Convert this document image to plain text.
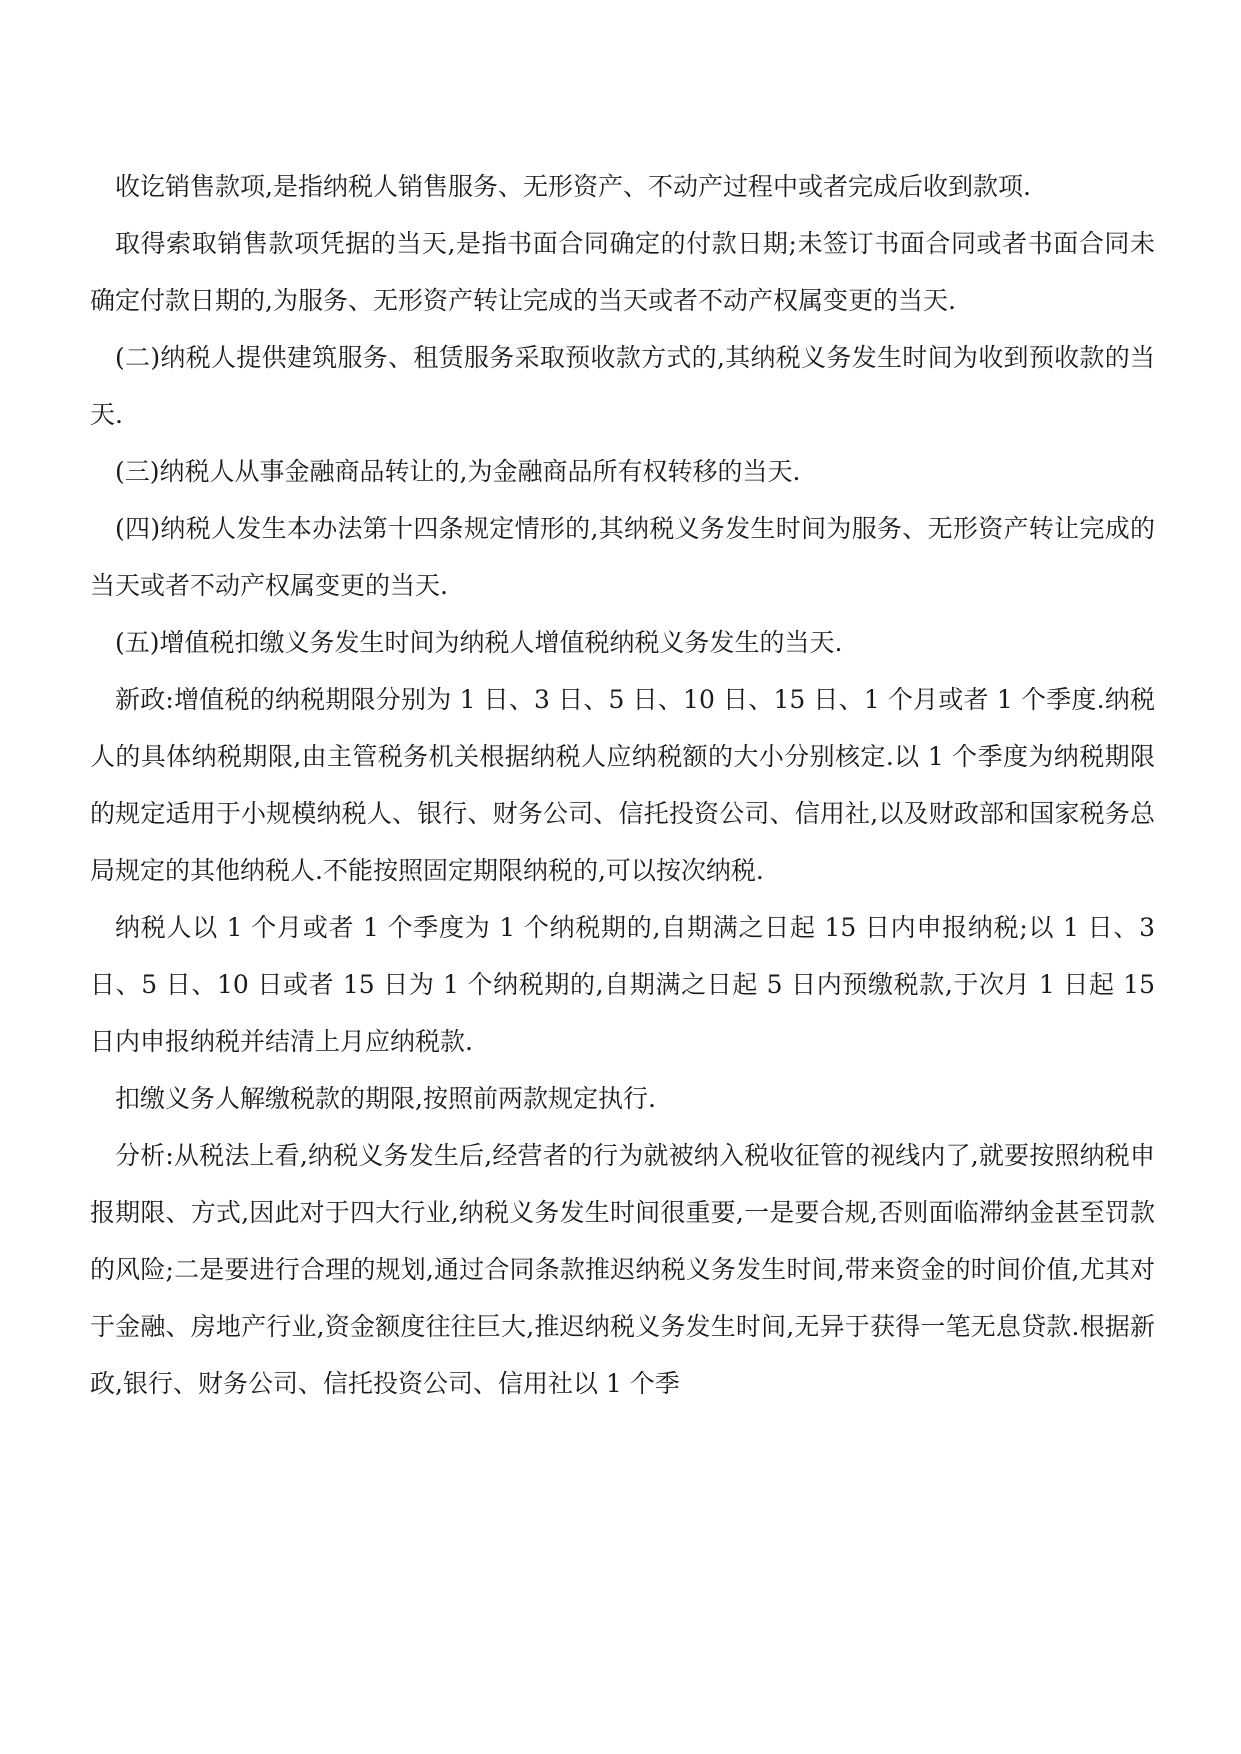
收讫销售款项,是指纳税人销售服务、无形资产、不动产过程中或者完成后收到款项.

取得索取销售款项凭据的当天,是指书面合同确定的付款日期;未签订书面合同或者书面合同未确定付款日期的,为服务、无形资产转让完成的当天或者不动产权属变更的当天.

(二)纳税人提供建筑服务、租赁服务采取预收款方式的,其纳税义务发生时间为收到预收款的当天.

(三)纳税人从事金融商品转让的,为金融商品所有权转移的当天.

(四)纳税人发生本办法第十四条规定情形的,其纳税义务发生时间为服务、无形资产转让完成的当天或者不动产权属变更的当天.

(五)增值税扣缴义务发生时间为纳税人增值税纳税义务发生的当天.

新政:增值税的纳税期限分别为 1 日、3 日、5 日、10 日、15 日、1 个月或者 1 个季度.纳税人的具体纳税期限,由主管税务机关根据纳税人应纳税额的大小分别核定.以 1 个季度为纳税期限的规定适用于小规模纳税人、银行、财务公司、信托投资公司、信用社,以及财政部和国家税务总局规定的其他纳税人.不能按照固定期限纳税的,可以按次纳税.

纳税人以 1 个月或者 1 个季度为 1 个纳税期的,自期满之日起 15 日内申报纳税;以 1 日、3 日、5 日、10 日或者 15 日为 1 个纳税期的,自期满之日起 5 日内预缴税款,于次月 1 日起 15 日内申报纳税并结清上月应纳税款.

扣缴义务人解缴税款的期限,按照前两款规定执行.

分析:从税法上看,纳税义务发生后,经营者的行为就被纳入税收征管的视线内了,就要按照纳税申报期限、方式,因此对于四大行业,纳税义务发生时间很重要,一是要合规,否则面临滞纳金甚至罚款的风险;二是要进行合理的规划,通过合同条款推迟纳税义务发生时间,带来资金的时间价值,尤其对于金融、房地产行业,资金额度往往巨大,推迟纳税义务发生时间,无异于获得一笔无息贷款.根据新政,银行、财务公司、信托投资公司、信用社以 1 个季
